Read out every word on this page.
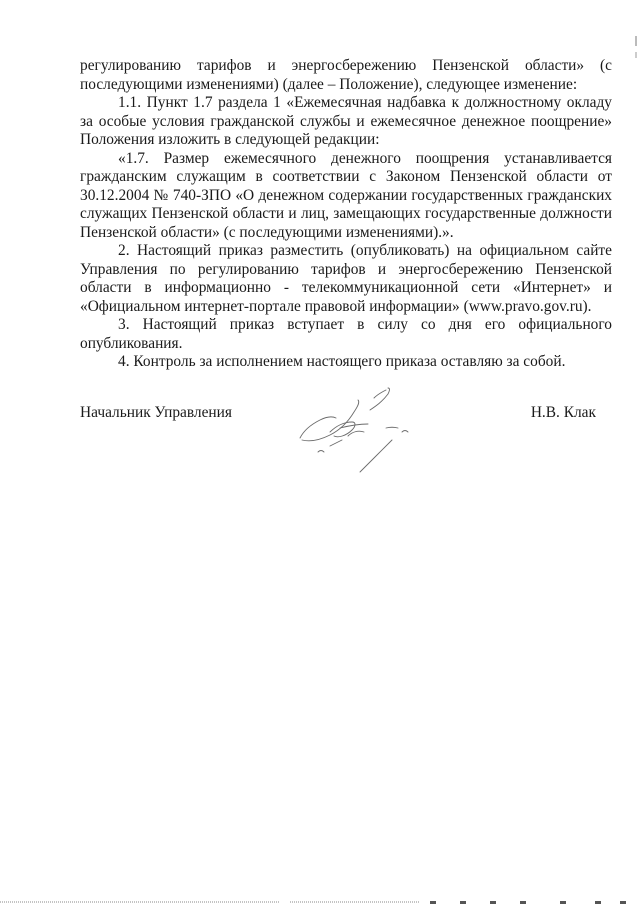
регулированию тарифов и энергосбережению Пензенской области» (с последующими изменениями) (далее – Положение), следующее изменение:

1.1. Пункт 1.7 раздела 1 «Ежемесячная надбавка к должностному окладу за особые условия гражданской службы и ежемесячное денежное поощрение» Положения изложить в следующей редакции:

«1.7. Размер ежемесячного денежного поощрения устанавливается гражданским служащим в соответствии с Законом Пензенской области от 30.12.2004 № 740-ЗПО «О денежном содержании государственных гражданских служащих Пензенской области и лиц, замещающих государственные должности Пензенской области» (с последующими изменениями).».

2. Настоящий приказ разместить (опубликовать) на официальном сайте Управления по регулированию тарифов и энергосбережению Пензенской области в информационно - телекоммуникационной сети «Интернет» и «Официальном интернет-портале правовой информации» (www.pravo.gov.ru).

3. Настоящий приказ вступает в силу со дня его официального опубликования.

4. Контроль за исполнением настоящего приказа оставляю за собой.

Начальник Управления	Н.В. Клак
